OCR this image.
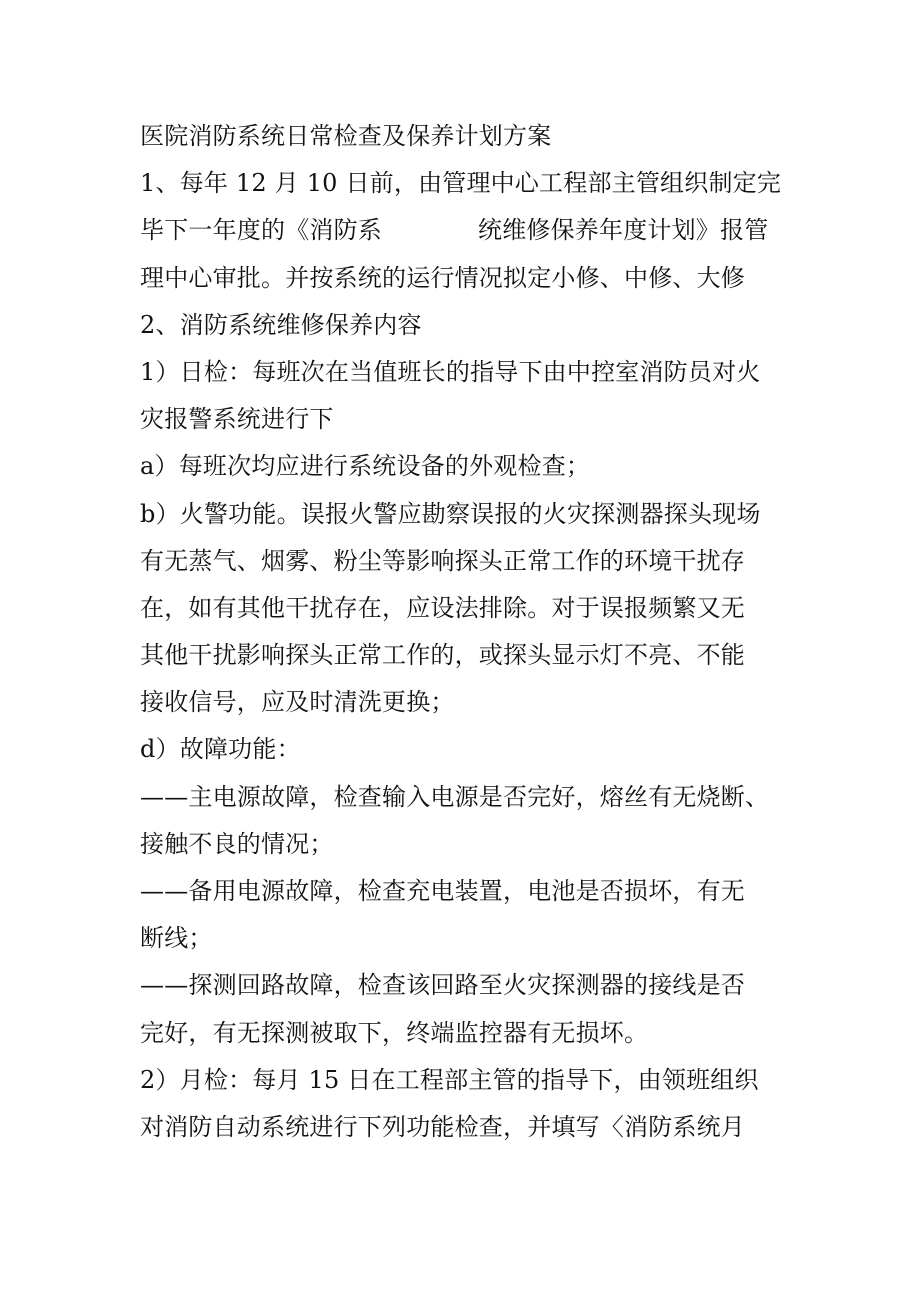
医院消防系统日常检查及保养计划方案
1、每年 12 月 10 日前，由管理中心工程部主管组织制定完
毕下一年度的《消防系	统维修保养年度计划》报管
理中心审批。并按系统的运行情况拟定小修、中修、大修
2、消防系统维修保养内容
1）日检：每班次在当值班长的指导下由中控室消防员对火
灾报警系统进行下
a）每班次均应进行系统设备的外观检查；
b）火警功能。误报火警应勘察误报的火灾探测器探头现场
有无蒸气、烟雾、粉尘等影响探头正常工作的环境干扰存
在，如有其他干扰存在，应设法排除。对于误报频繁又无
其他干扰影响探头正常工作的，或探头显示灯不亮、不能
接收信号，应及时清洗更换；
d）故障功能：
——主电源故障，检查输入电源是否完好，熔丝有无烧断、
接触不良的情况；
——备用电源故障，检查充电装置，电池是否损坏，有无
断线；
——探测回路故障，检查该回路至火灾探测器的接线是否
完好，有无探测被取下，终端监控器有无损坏。
2）月检：每月 15 日在工程部主管的指导下，由领班组织
对消防自动系统进行下列功能检查，并填写〈消防系统月
